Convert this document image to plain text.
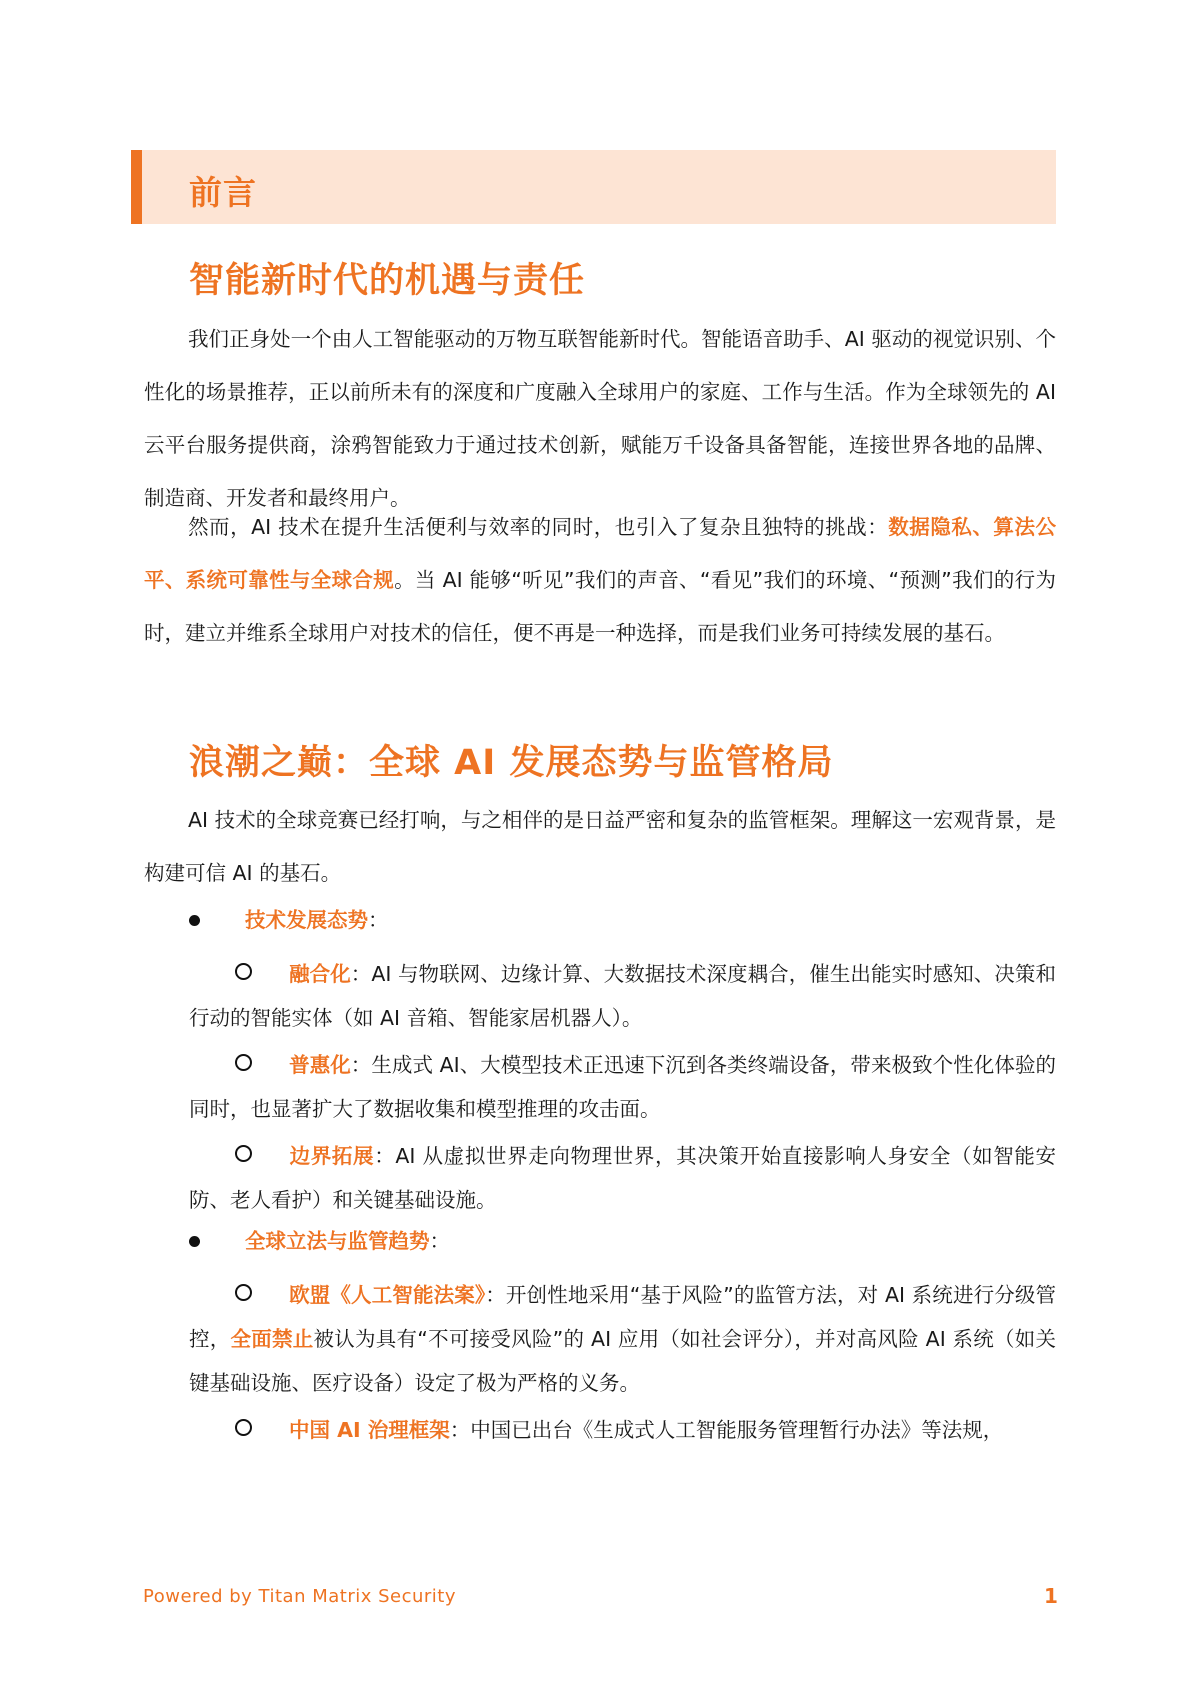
前言
智能新时代的机遇与责任

我们正身处一个由人工智能驱动的万物互联智能新时代。智能语音助手、AI 驱动的视觉识别、个性化的场景推荐，正以前所未有的深度和广度融入全球用户的家庭、工作与生活。作为全球领先的 AI 云平台服务提供商，涂鸦智能致力于通过技术创新，赋能万千设备具备智能，连接世界各地的品牌、制造商、开发者和最终用户。

然而，AI 技术在提升生活便利与效率的同时，也引入了复杂且独特的挑战：数据隐私、算法公平、系统可靠性与全球合规。当 AI 能够“听见”我们的声音、“看见”我们的环境、“预测”我们的行为时，建立并维系全球用户对技术的信任，便不再是一种选择，而是我们业务可持续发展的基石。

浪潮之巅：全球 AI 发展态势与监管格局

AI 技术的全球竞赛已经打响，与之相伴的是日益严密和复杂的监管框架。理解这一宏观背景，是构建可信 AI 的基石。

技术发展态势 ：

融合化：AI 与物联网、边缘计算、大数据技术深度耦合，催生出能实时感知、决策和行动的智能实体（如 AI 音箱、智能家居机器人）。

普惠化：生成式 AI、大模型技术正迅速下沉到各类终端设备，带来极致个性化体验的同时，也显著扩大了数据收集和模型推理的攻击面。

边界拓展：AI 从虚拟世界走向物理世界，其决策开始直接影响人身安全（如智能安防、老人看护）和关键基础设施。

全球立法与监管趋势 ：

欧盟《人工智能法案》：开创性地采用“基于风险”的监管方法，对 AI 系统进行分级管控，全面禁止被认为具有“不可接受风险”的 AI 应用（如社会评分），并对高风险 AI 系统（如关键基础设施、医疗设备）设定了极为严格的义务。

中国 AI 治理框架：中国已出台《生成式人工智能服务管理暂行办法》等法规，

Powered by Titan Matrix Security	1
